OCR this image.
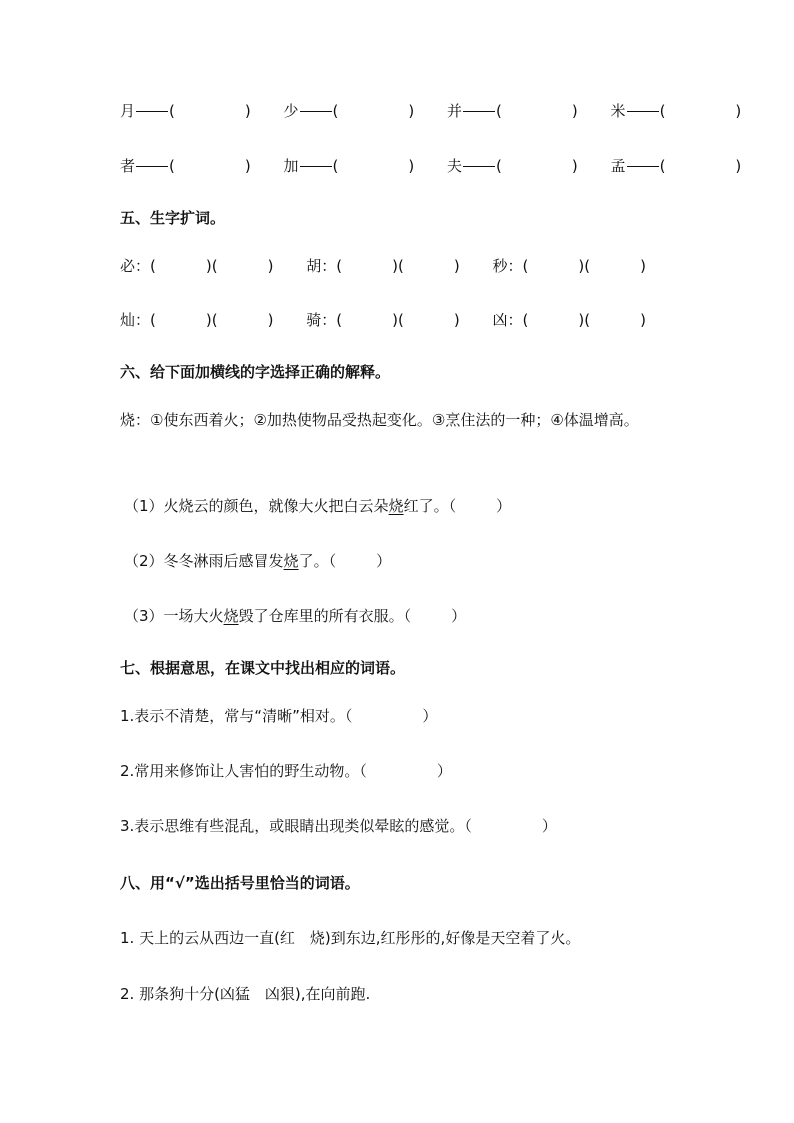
月 (	) 少 (	) 并 (	) 米 (	)
者 (	) 加 (	) 夫 (	) 孟 (	)
五、生字扩词。
必：(	)(	) 胡：(	)(	) 秒：(	)(	)
灿：(	)(	) 骑：(	)(	) 凶：(	)(	)
六、给下面加横线的字选择正确的解释。
烧：①使东西着火；②加热使物品受热起变化。③烹住法的一种；④体温增高。
（1）火烧云的颜色，就像大火把白云朵烧红了。（	）
（2）冬冬淋雨后感冒发烧了。（	）
（3）一场大火烧毁了仓库里的所有衣服。（	）
七、根据意思，在课文中找出相应的词语。
1.表示不清楚，常与“清晰”相对。（	）
2.常用来修饰让人害怕的野生动物。（	）
3.表示思维有些混乱，或眼睛出现类似晕眩的感觉。（	）
八、用“√”选出括号里恰当的词语。
1. 天上的云从西边一直(红　烧)到东边,红彤彤的,好像是天空着了火。
2. 那条狗十分(凶猛　凶狠),在向前跑.
